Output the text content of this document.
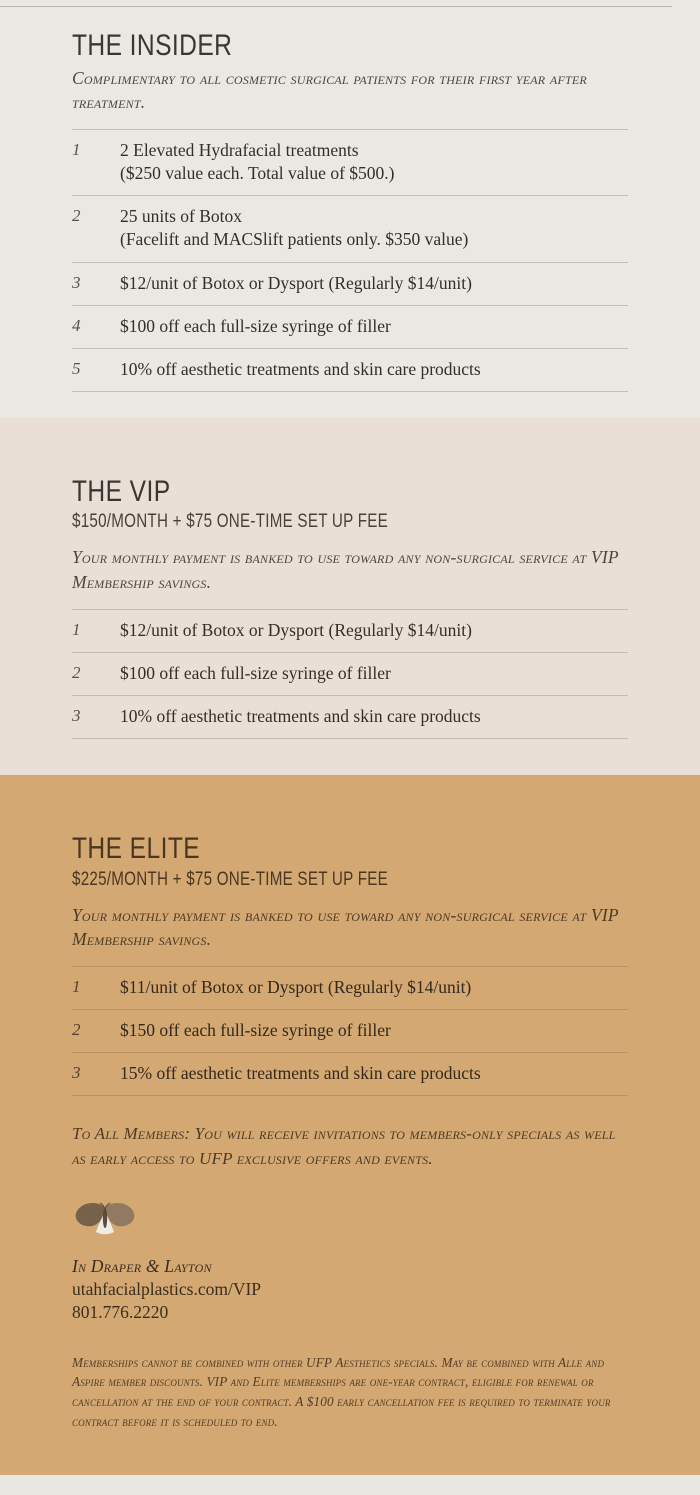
THE INSIDER

Complimentary to all cosmetic surgical patients for their first year after treatment.

1	2 Elevated Hydrafacial treatments
($250 value each. Total value of $500.)
2	25 units of Botox
(Facelift and MACSlift patients only. $350 value)
3	$12/unit of Botox or Dysport (Regularly $14/unit)
4	$100 off each full-size syringe of filler
5	10% off aesthetic treatments and skin care products
THE VIP

$150/MONTH + $75 ONE-TIME SET UP FEE

Your monthly payment is banked to use toward any non-surgical service at VIP Membership savings.

1	$12/unit of Botox or Dysport (Regularly $14/unit)
2	$100 off each full-size syringe of filler
3	10% off aesthetic treatments and skin care products
THE ELITE

$225/MONTH + $75 ONE-TIME SET UP FEE

Your monthly payment is banked to use toward any non-surgical service at VIP Membership savings.

1	$11/unit of Botox or Dysport (Regularly $14/unit)
2	$150 off each full-size syringe of filler
3	15% off aesthetic treatments and skin care products

To All Members: You will receive invitations to members-only specials as well as early access to UFP exclusive offers and events.

In Draper & Layton
utahfacialplastics.com/VIP
801.776.2220

Memberships cannot be combined with other UFP Aesthetics specials. May be combined with Alle and Aspire member discounts. VIP and Elite memberships are one-year contract, eligible for renewal or cancellation at the end of your contract. A $100 early cancellation fee is required to terminate your contract before it is scheduled to end.
